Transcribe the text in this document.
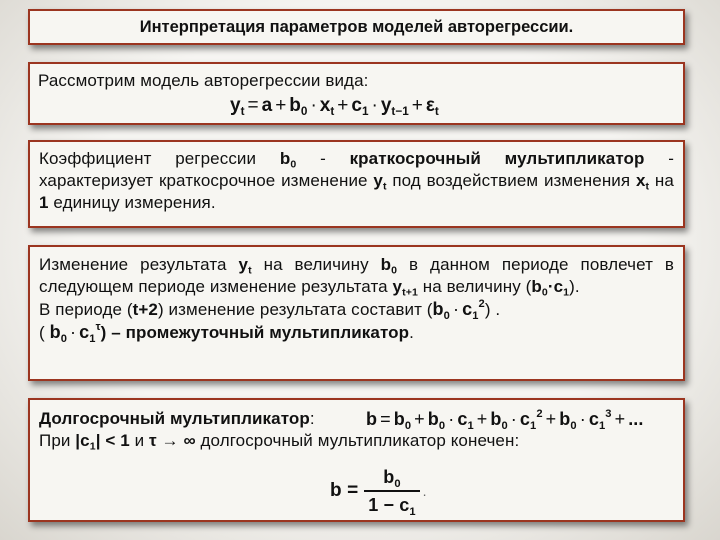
Интерпретация параметров моделей авторегрессии.
Рассмотрим модель авторегрессии вида:
$y_t = a + b_0 \cdot x_t + c_1 \cdot y_{t-1} + \varepsilon_t$
Коэффициент регрессии $b_0$ - краткосрочный мультипликатор - характеризует краткосрочное изменение $y_t$ под воздействием изменения $x_t$ на 1 единицу измерения.
Изменение результата $y_t$ на величину $b_0$ в данном периоде повлечет в следующем периоде изменение результата $y_{t+1}$ на величину $(b_0\cdot c_1)$.
В периоде (t+2) изменение результата составит $(b_0 \cdot c_1^2)$ .
( $b_0 \cdot c_1^\tau$) – промежуточный мультипликатор.
Долгосрочный мультипликатор:	$b = b_0 + b_0 \cdot c_1 + b_0 \cdot c_1^2 + b_0 \cdot c_1^3$ + ...
При $|c_1| < 1$ и τ → ∞ долгосрочный мультипликатор конечен:
$b = \frac{b_0}{1 - c_1}$ .
